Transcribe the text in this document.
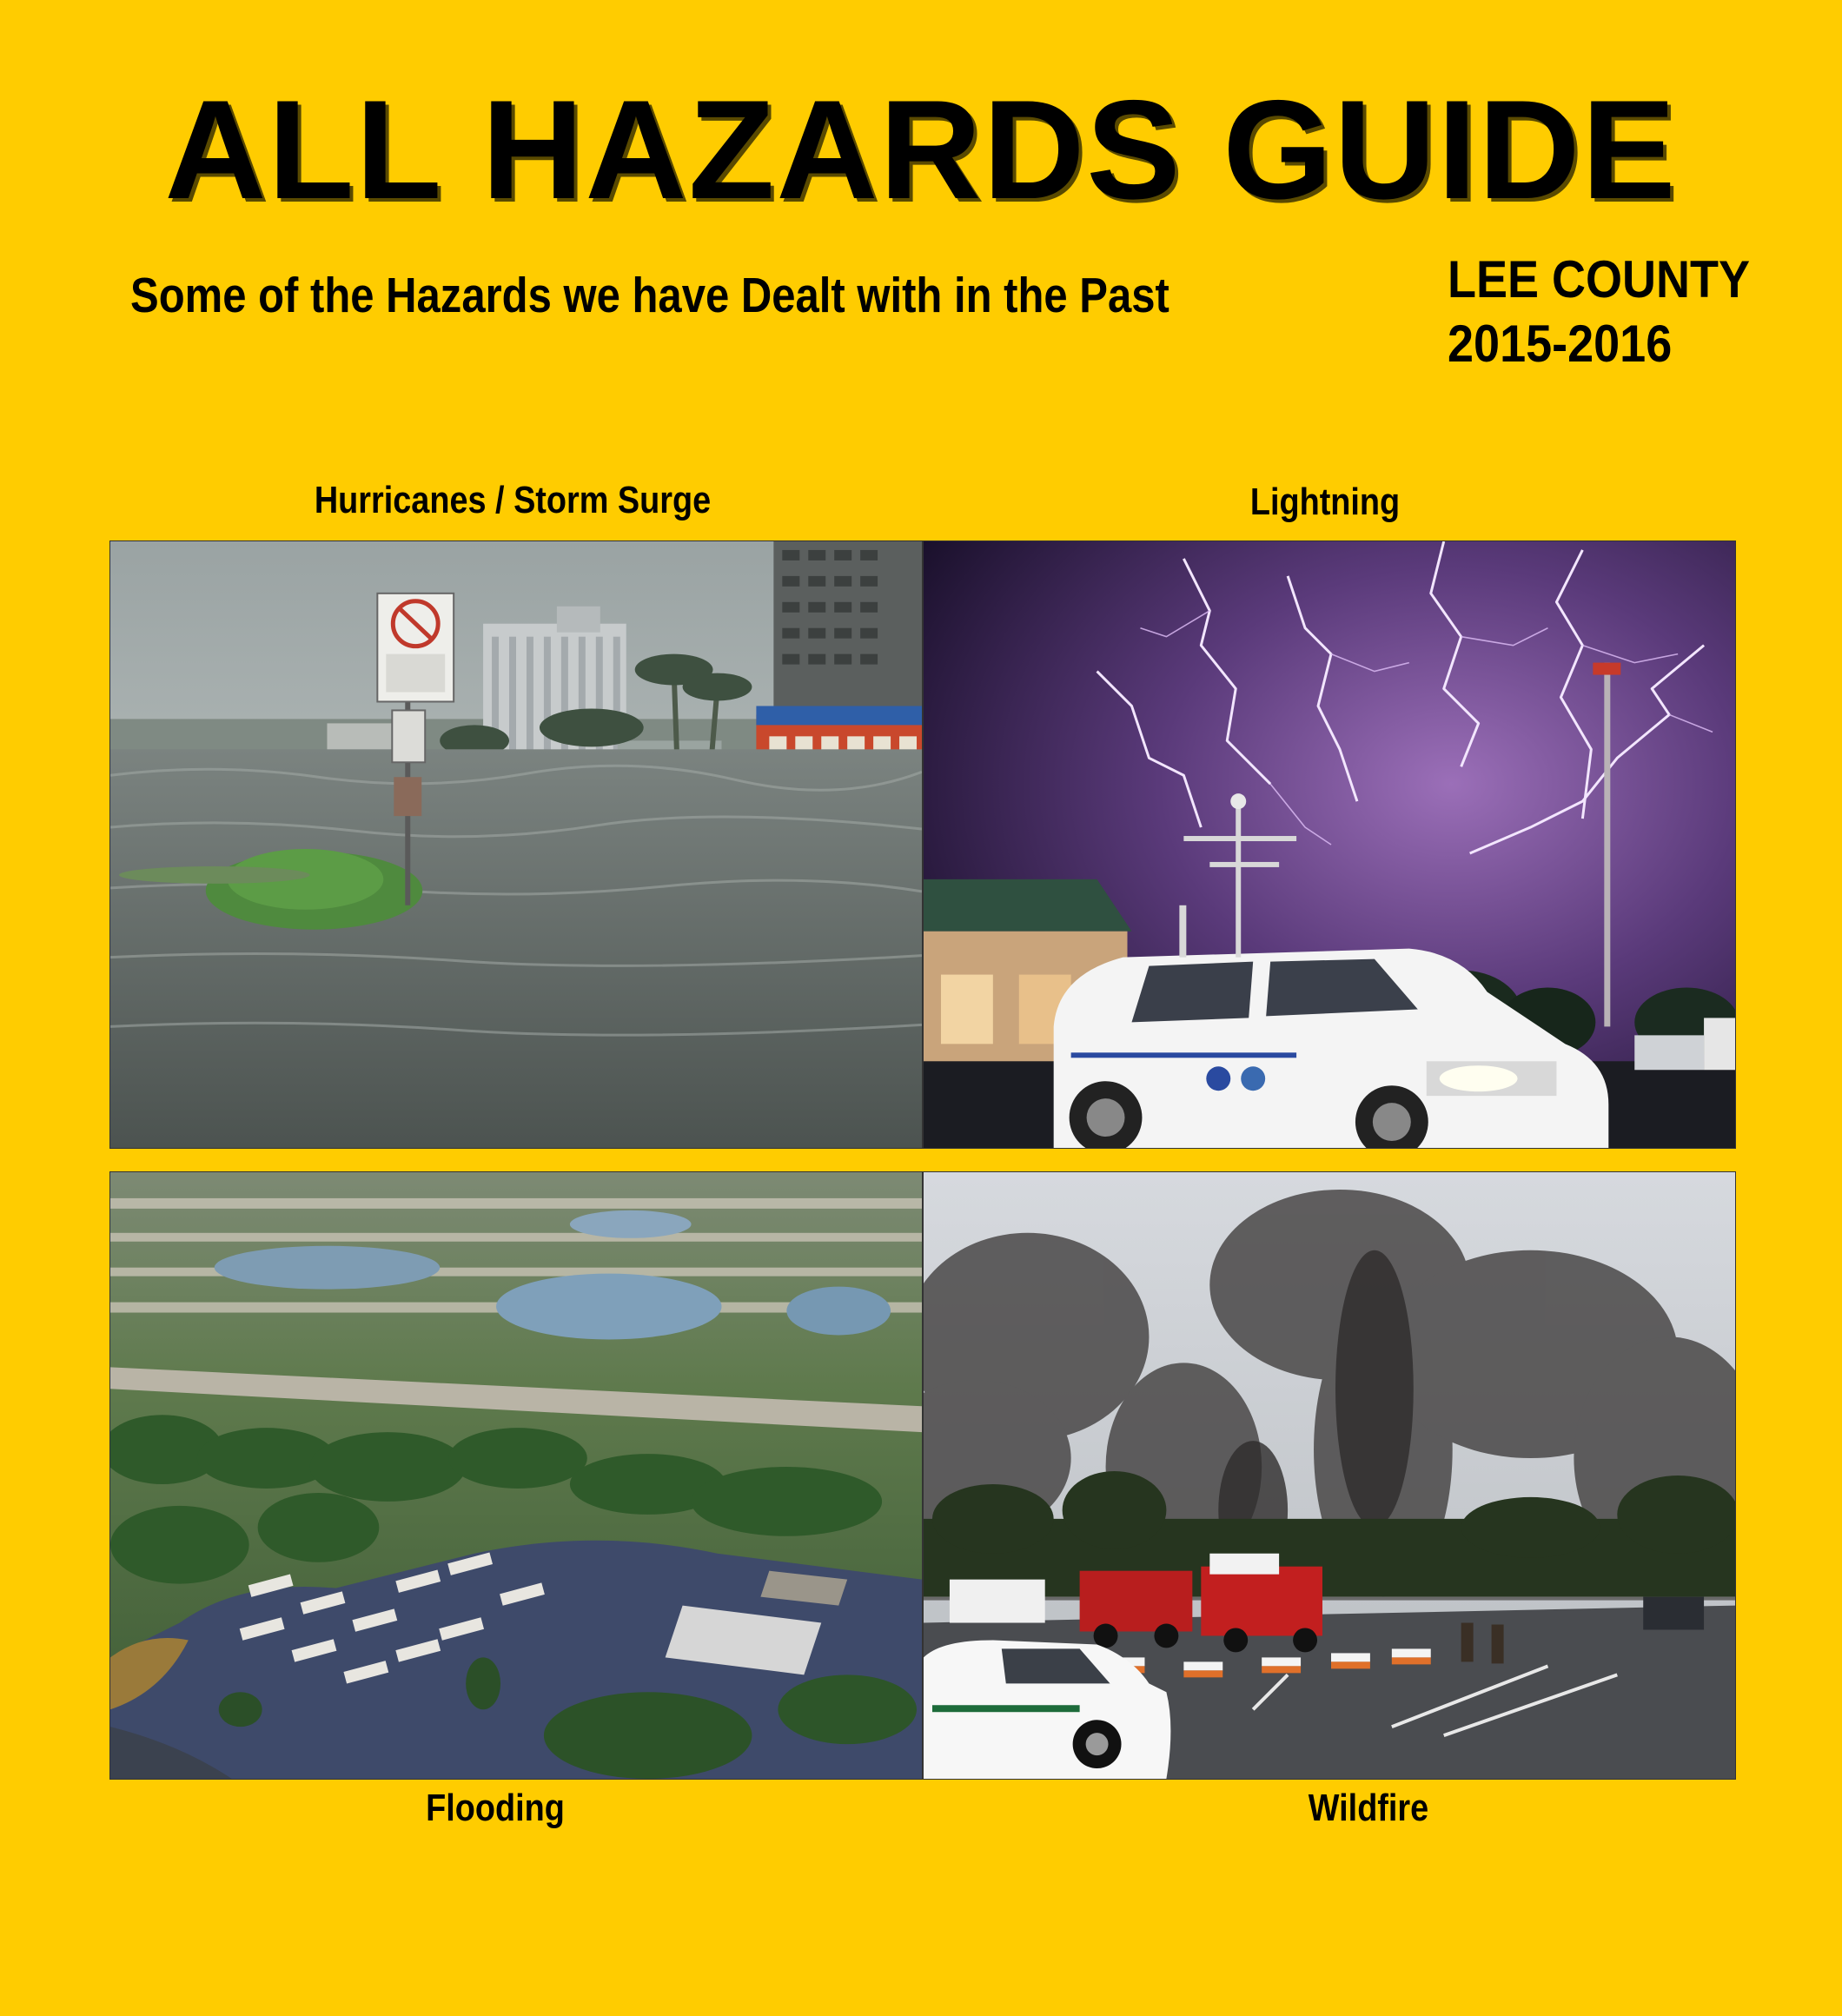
ALL HAZARDS GUIDE
Some of the Hazards we have Dealt with in the Past	LEE COUNTY
2015-2016
Hurricanes / Storm Surge	Lightning
Flooding	Wildfire
